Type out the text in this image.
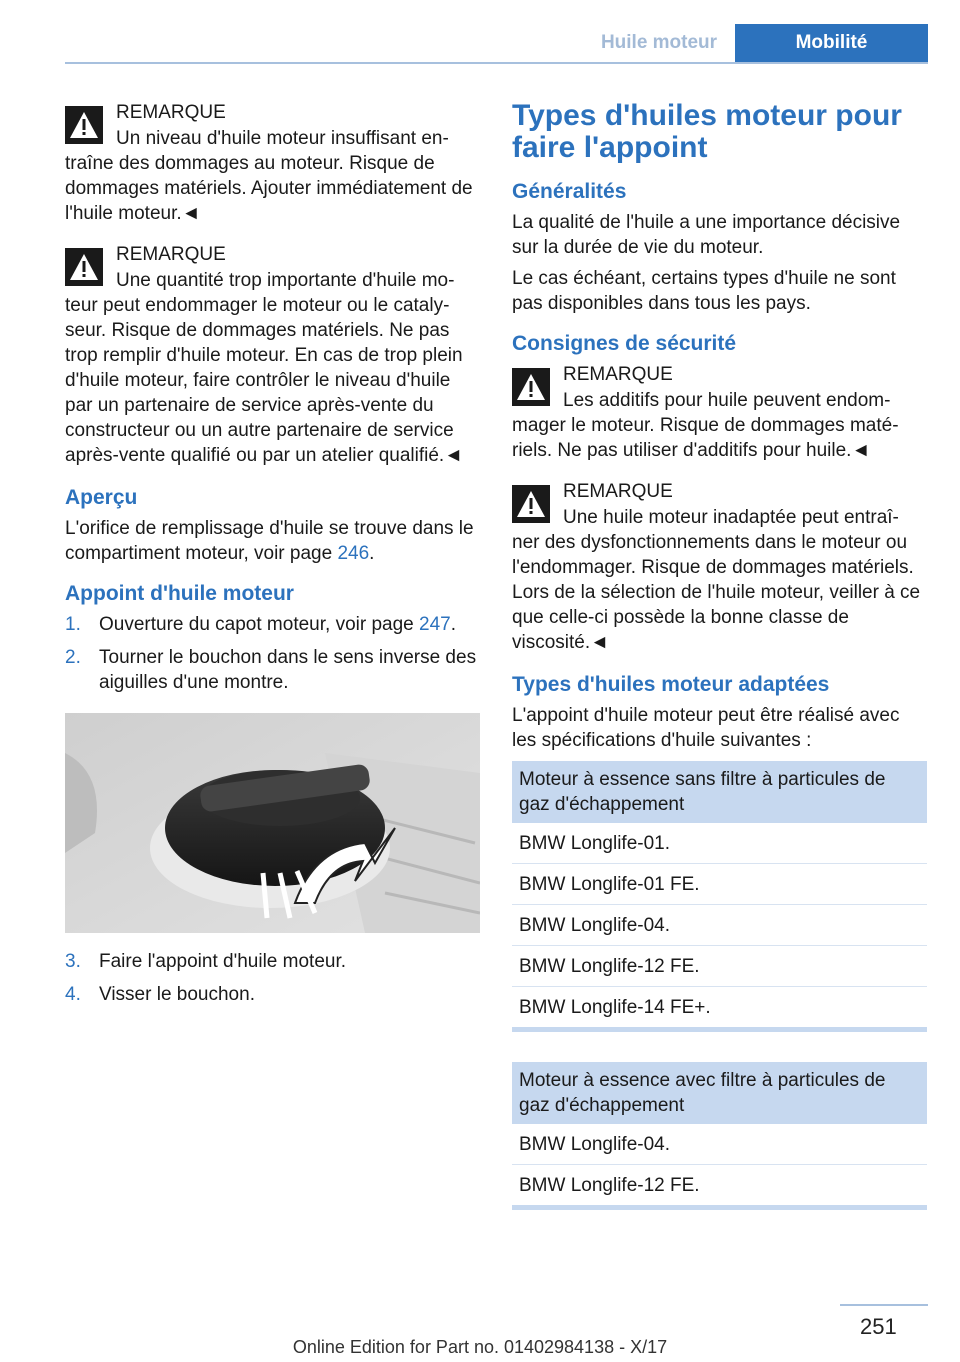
Huile moteur	Mobilité
REMARQUE
Un niveau d'huile moteur insuffisant en-
traîne des dommages au moteur. Risque de dommages matériels. Ajouter immédiatement de l'huile moteur.◄
REMARQUE
Une quantité trop importante d'huile mo-
teur peut endommager le moteur ou le catalyseur. Risque de dommages matériels. Ne pas trop remplir d'huile moteur. En cas de trop plein d'huile moteur, faire contrôler le niveau d'huile par un partenaire de service après-vente du constructeur ou un autre partenaire de service après-vente qualifié ou par un atelier qualifié.◄
Aperçu

L'orifice de remplissage d'huile se trouve dans le compartiment moteur, voir page 246.

Appoint d'huile moteur
1. Ouverture du capot moteur, voir page 247.
2. Tourner le bouchon dans le sens inverse des aiguilles d'une montre.
3. Faire l'appoint d'huile moteur.
4. Visser le bouchon.
Types d'huiles moteur pour faire l'appoint
Généralités

La qualité de l'huile a une importance décisive sur la durée de vie du moteur.

Le cas échéant, certains types d'huile ne sont pas disponibles dans tous les pays.

Consignes de sécurité
REMARQUE
Les additifs pour huile peuvent endom-
mager le moteur. Risque de dommages matériels. Ne pas utiliser d'additifs pour huile.◄
REMARQUE
Une huile moteur inadaptée peut entraî-
ner des dysfonctionnements dans le moteur ou l'endommager. Risque de dommages matériels. Lors de la sélection de l'huile moteur, veiller à ce que celle-ci possède la bonne classe de viscosité.◄
Types d'huiles moteur adaptées

L'appoint d'huile moteur peut être réalisé avec les spécifications d'huile suivantes :

Moteur à essence sans filtre à particules de gaz d'échappement
BMW Longlife-01.
BMW Longlife-01 FE.
BMW Longlife-04.
BMW Longlife-12 FE.
BMW Longlife-14 FE+.
Moteur à essence avec filtre à particules de gaz d'échappement
BMW Longlife-04.
BMW Longlife-12 FE.
251
Online Edition for Part no. 01402984138 - X/17
